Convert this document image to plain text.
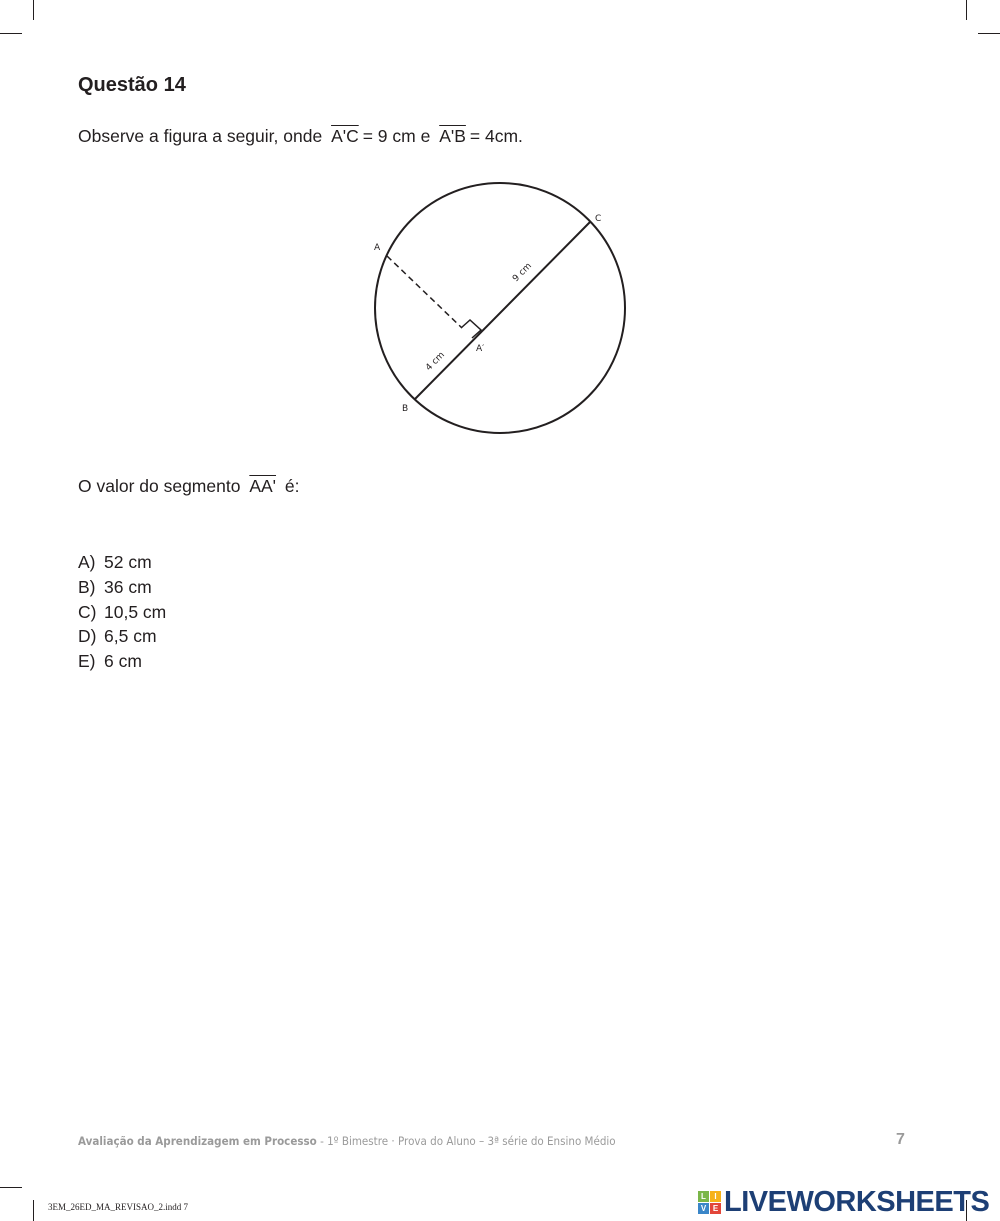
Questão 14
Observe a figura a seguir, onde A'C = 9 cm e A'B = 4cm.
A
B
C
A′
9 cm
4 cm
O valor do segmento AA' é:
A) 52 cm
B) 36 cm
C) 10,5 cm
D) 6,5 cm
E) 6 cm
Avaliação da Aprendizagem em Processo - 1º Bimestre · Prova do Aluno – 3ª série do Ensino Médio	7
3EM_26ED_MA_REVISAO_2.indd 7
L	I
V E LIVEWORKSHEETS
